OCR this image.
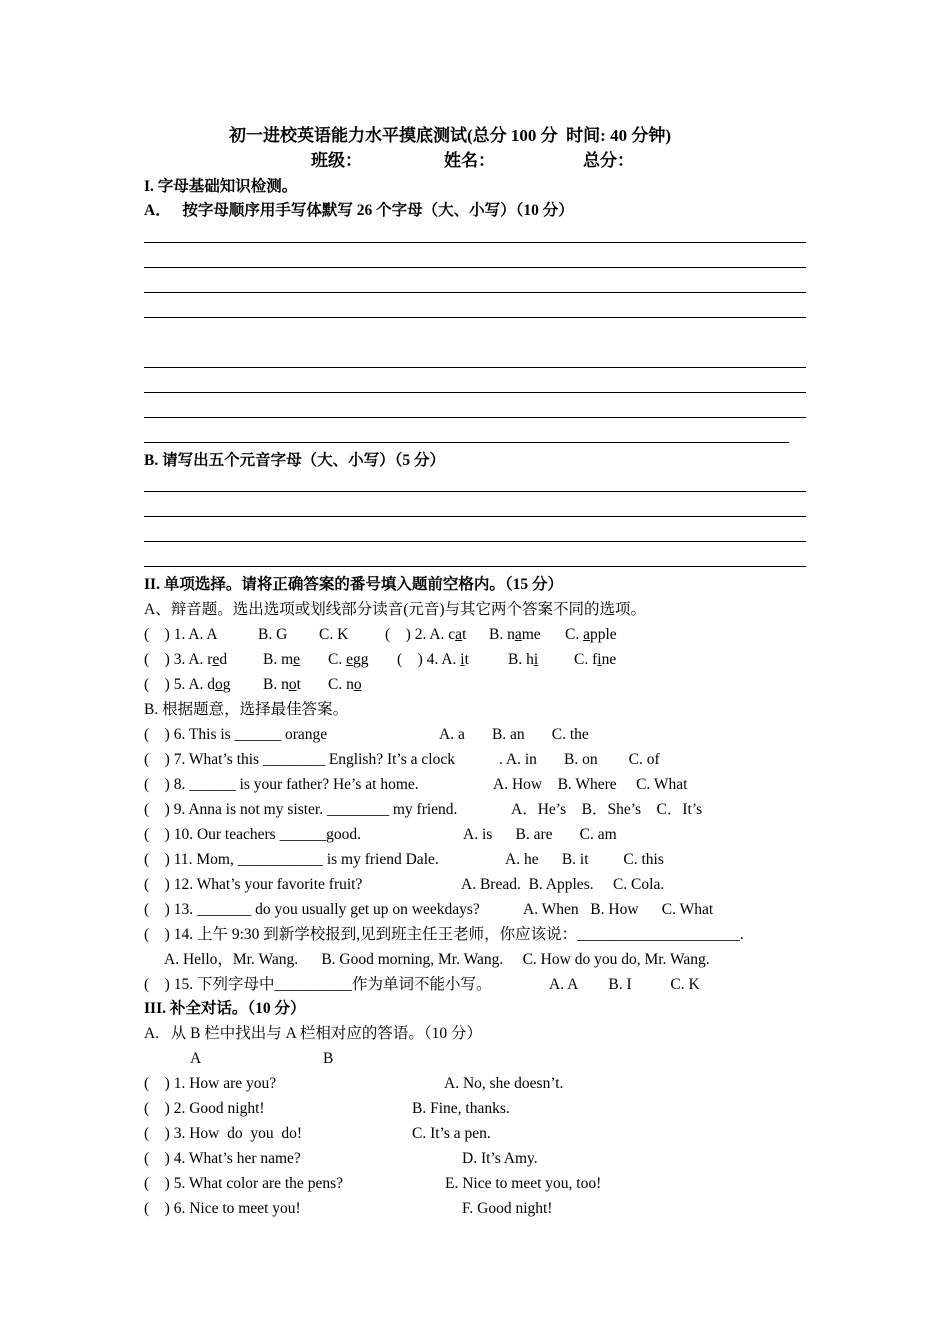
初一进校英语能力水平摸底测试(总分 100 分  时间: 40 分钟)
班级：	姓名：	总分：
I. 字母基础知识检测。
A．   按字母顺序用手写体默写 26 个字母（大、小写）（10 分）
B. 请写出五个元音字母（大、小写）（5 分）
II. 单项选择。请将正确答案的番号填入题前空格内。（15 分）
A、辩音题。选出选项或划线部分读音(元音)与其它两个答案不同的选项。
(    ) 1. A. A	B. G C. K (    ) 2. A. cat B. name C. apple
(    ) 3. A. red B. me C. egg (    ) 4. A. it	B. hi C. fine
(    ) 5. A. dog B. not C. no
B. 根据题意，选择最佳答案。
(    ) 6. This is ______ orange	A. a       B. an       C. the
(    ) 7. What’s this ________ English? It’s a clock	. A. in       B. on        C. of
(    ) 8. ______ is your father? He’s at home.	A. How    B. Where     C. What
(    ) 9. Anna is not my sister. ________ my friend.	A．He’s    B．She’s    C．It’s
(    ) 10. Our teachers ______good.	A. is      B. are       C. am
(    ) 11. Mom, ___________ is my friend Dale.	A. he      B. it         C. this
(    ) 12. What’s your favorite fruit?	A. Bread.  B. Apples.     C. Cola.
(    ) 13. _______ do you usually get up on weekdays?	A. When   B. How      C. What
(    ) 14. 上午 9:30 到新学校报到,见到班主任王老师，你应该说：_____________________.
A. Hello，Mr. Wang.      B. Good morning, Mr. Wang.     C. How do you do, Mr. Wang.
(    ) 15. 下列字母中__________作为单词不能小写。	A. A        B. I          C. K
III. 补全对话。（10 分）
A.   从 B 栏中找出与 A 栏相对应的答语。（10 分）
A	B
(    ) 1. How are you?	A. No, she doesn’t.
(    ) 2. Good night!	B. Fine, thanks.
(    ) 3. How  do  you  do!	C. It’s a pen.
(    ) 4. What’s her name?	D. It’s Amy.
(    ) 5. What color are the pens?	E. Nice to meet you, too!
(    ) 6. Nice to meet you!	F. Good night!
